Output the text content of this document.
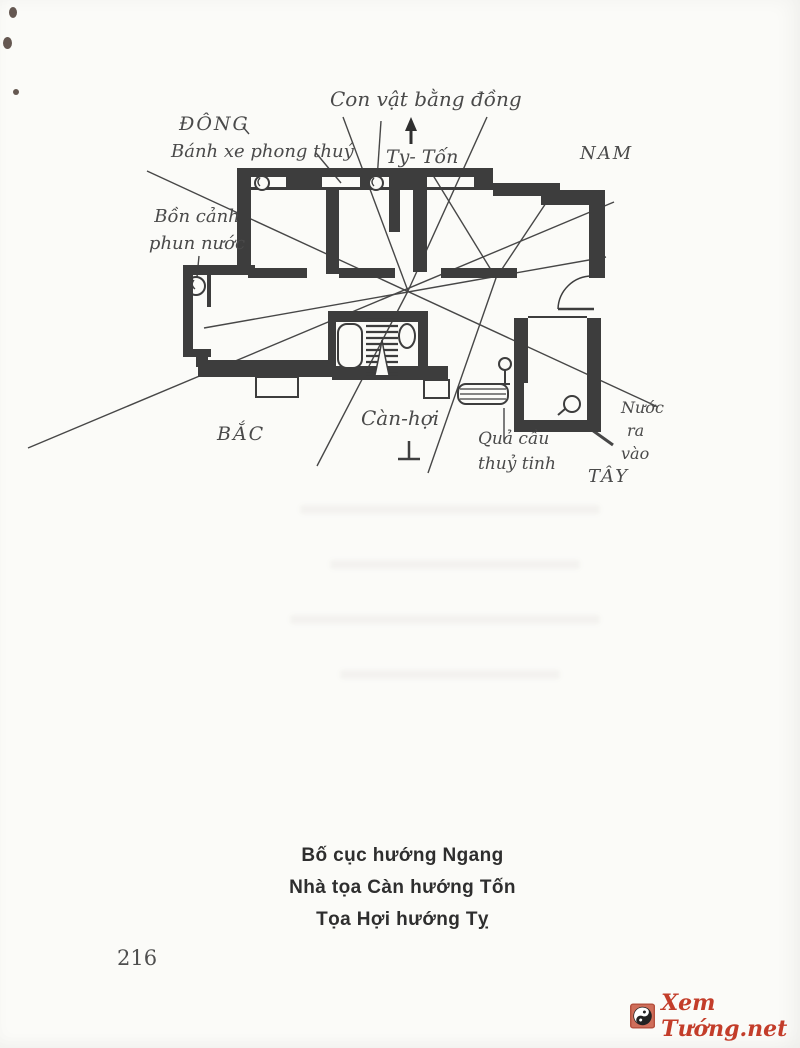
Con vật bằng đồng
ĐÔNG
Bánh xe phong thuý Ty- Tốn	NAM
Bồn cảnh
phun nước
BẮC
Càn-hợi
Quả cầu
thuỷ tinh
Nước
ra
vào
TÂY
Bố cục hướng Ngang
Nhà tọa Càn hướng Tốn
Tọa Hợi hướng Tỵ
216
Xem Tướng.net
